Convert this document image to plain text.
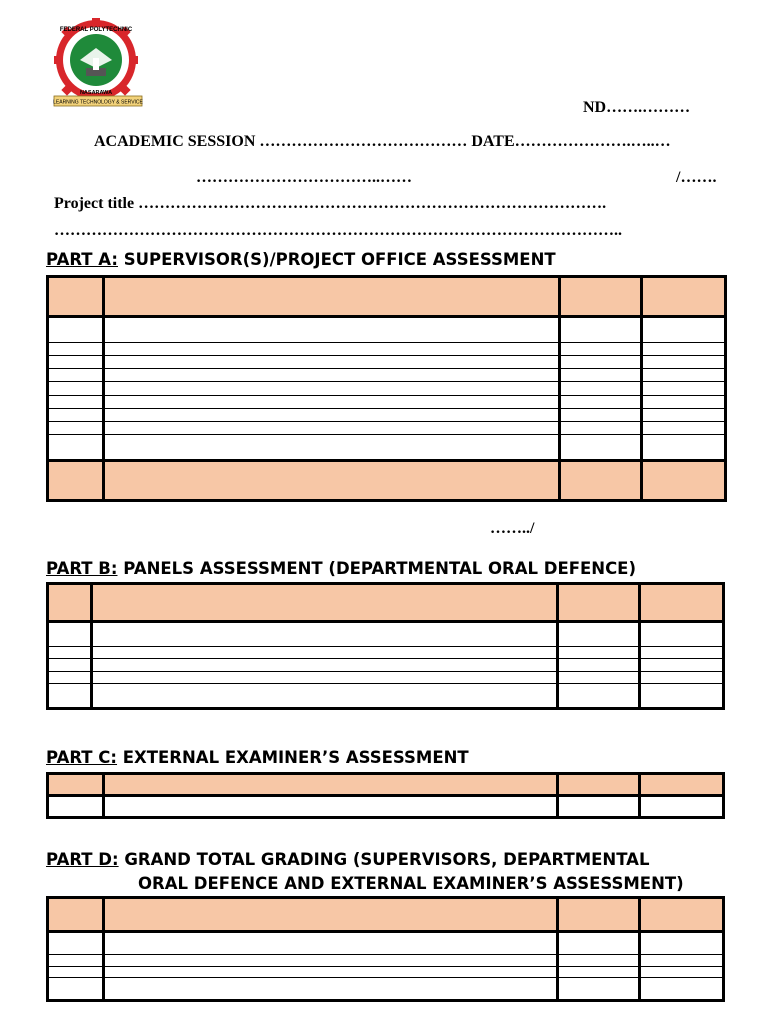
FEDERAL POLYTECHNIC
NASARAWA
LEARNING TECHNOLOGY & SERVICE	ND…….………
ACADEMIC SESSION ………………………………… DATE………………….…..…
……………………………..……	/…….
Project title …………………………………………………………………………….
……………………………………………………………………………………………..
PART A: SUPERVISOR(S)/PROJECT OFFICE ASSESSMENT

……../
PART B: PANELS ASSESSMENT (DEPARTMENTAL ORAL DEFENCE)

PART C: EXTERNAL EXAMINER’S ASSESSMENT

PART D: GRAND TOTAL GRADING (SUPERVISORS, DEPARTMENTAL
ORAL DEFENCE AND EXTERNAL EXAMINER’S ASSESSMENT)
